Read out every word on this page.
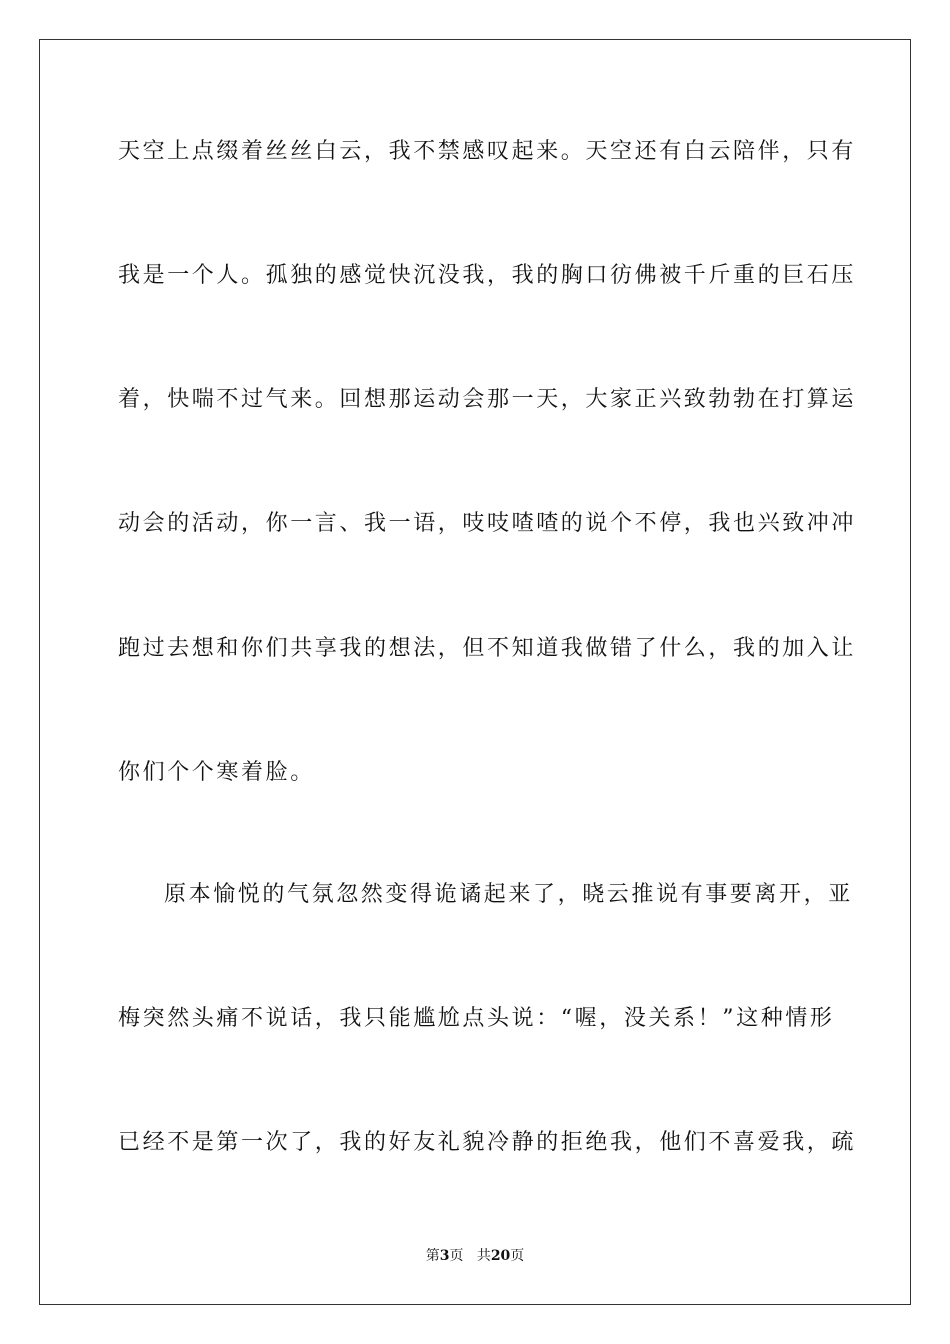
天空上点缀着丝丝白云，我不禁感叹起来。天空还有白云陪伴，只有
我是一个人。孤独的感觉快沉没我，我的胸口彷佛被千斤重的巨石压
着，快喘不过气来。回想那运动会那一天，大家正兴致勃勃在打算运
动会的活动，你一言、我一语，吱吱喳喳的说个不停，我也兴致冲冲
跑过去想和你们共享我的想法，但不知道我做错了什么，我的加入让
你们个个寒着脸。
原本愉悦的气氛忽然变得诡谲起来了，晓云推说有事要离开，亚
梅突然头痛不说话，我只能尴尬点头说：“喔，没关系！”这种情形
已经不是第一次了，我的好友礼貌冷静的拒绝我，他们不喜爱我，疏
第3页 共20页
